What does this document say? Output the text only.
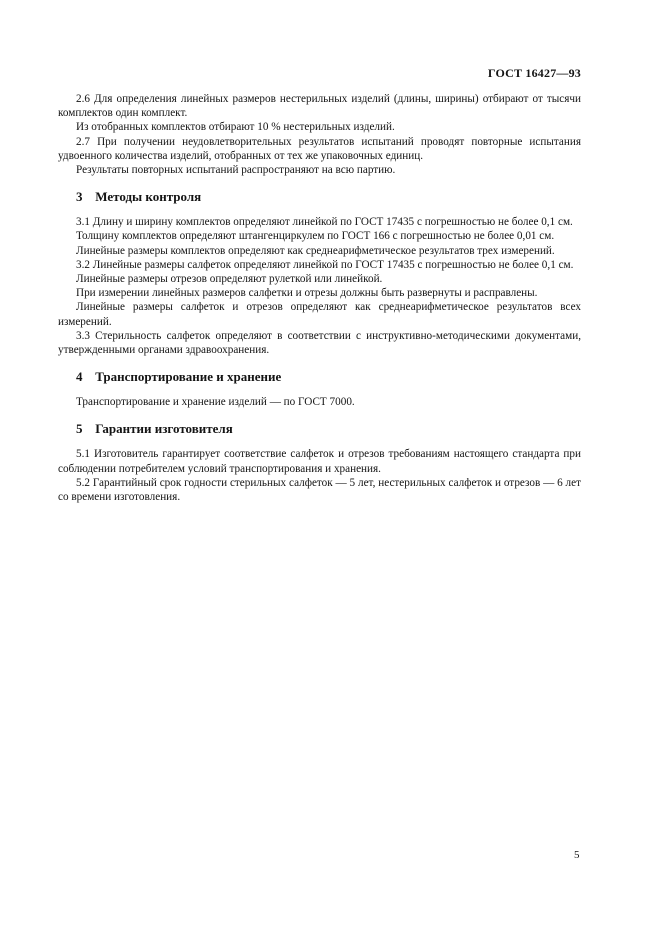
ГОСТ 16427—93

2.6 Для определения линейных размеров нестерильных изделий (длины, ширины) отбирают от тысячи комплектов один комплект.

Из отобранных комплектов отбирают 10 % нестерильных изделий.

2.7 При получении неудовлетворительных результатов испытаний проводят повторные испытания удвоенного количества изделий, отобранных от тех же упаковочных единиц.

Результаты повторных испытаний распространяют на всю партию.

3 Методы контроля

3.1 Длину и ширину комплектов определяют линейкой по ГОСТ 17435 с погрешностью не более 0,1 см.

Толщину комплектов определяют штангенциркулем по ГОСТ 166 с погрешностью не более 0,01 см.

Линейные размеры комплектов определяют как среднеарифметическое результатов трех измерений.

3.2 Линейные размеры салфеток определяют линейкой по ГОСТ 17435 с погрешностью не более 0,1 см.

Линейные размеры отрезов определяют рулеткой или линейкой.

При измерении линейных размеров салфетки и отрезы должны быть развернуты и расправлены.

Линейные размеры салфеток и отрезов определяют как среднеарифметическое результатов всех измерений.

3.3 Стерильность салфеток определяют в соответствии с инструктивно-методическими документами, утвержденными органами здравоохранения.

4 Транспортирование и хранение

Транспортирование и хранение изделий — по ГОСТ 7000.

5 Гарантии изготовителя

5.1 Изготовитель гарантирует соответствие салфеток и отрезов требованиям настоящего стандарта при соблюдении потребителем условий транспортирования и хранения.

5.2 Гарантийный срок годности стерильных салфеток — 5 лет, нестерильных салфеток и отрезов — 6 лет со времени изготовления.

5
